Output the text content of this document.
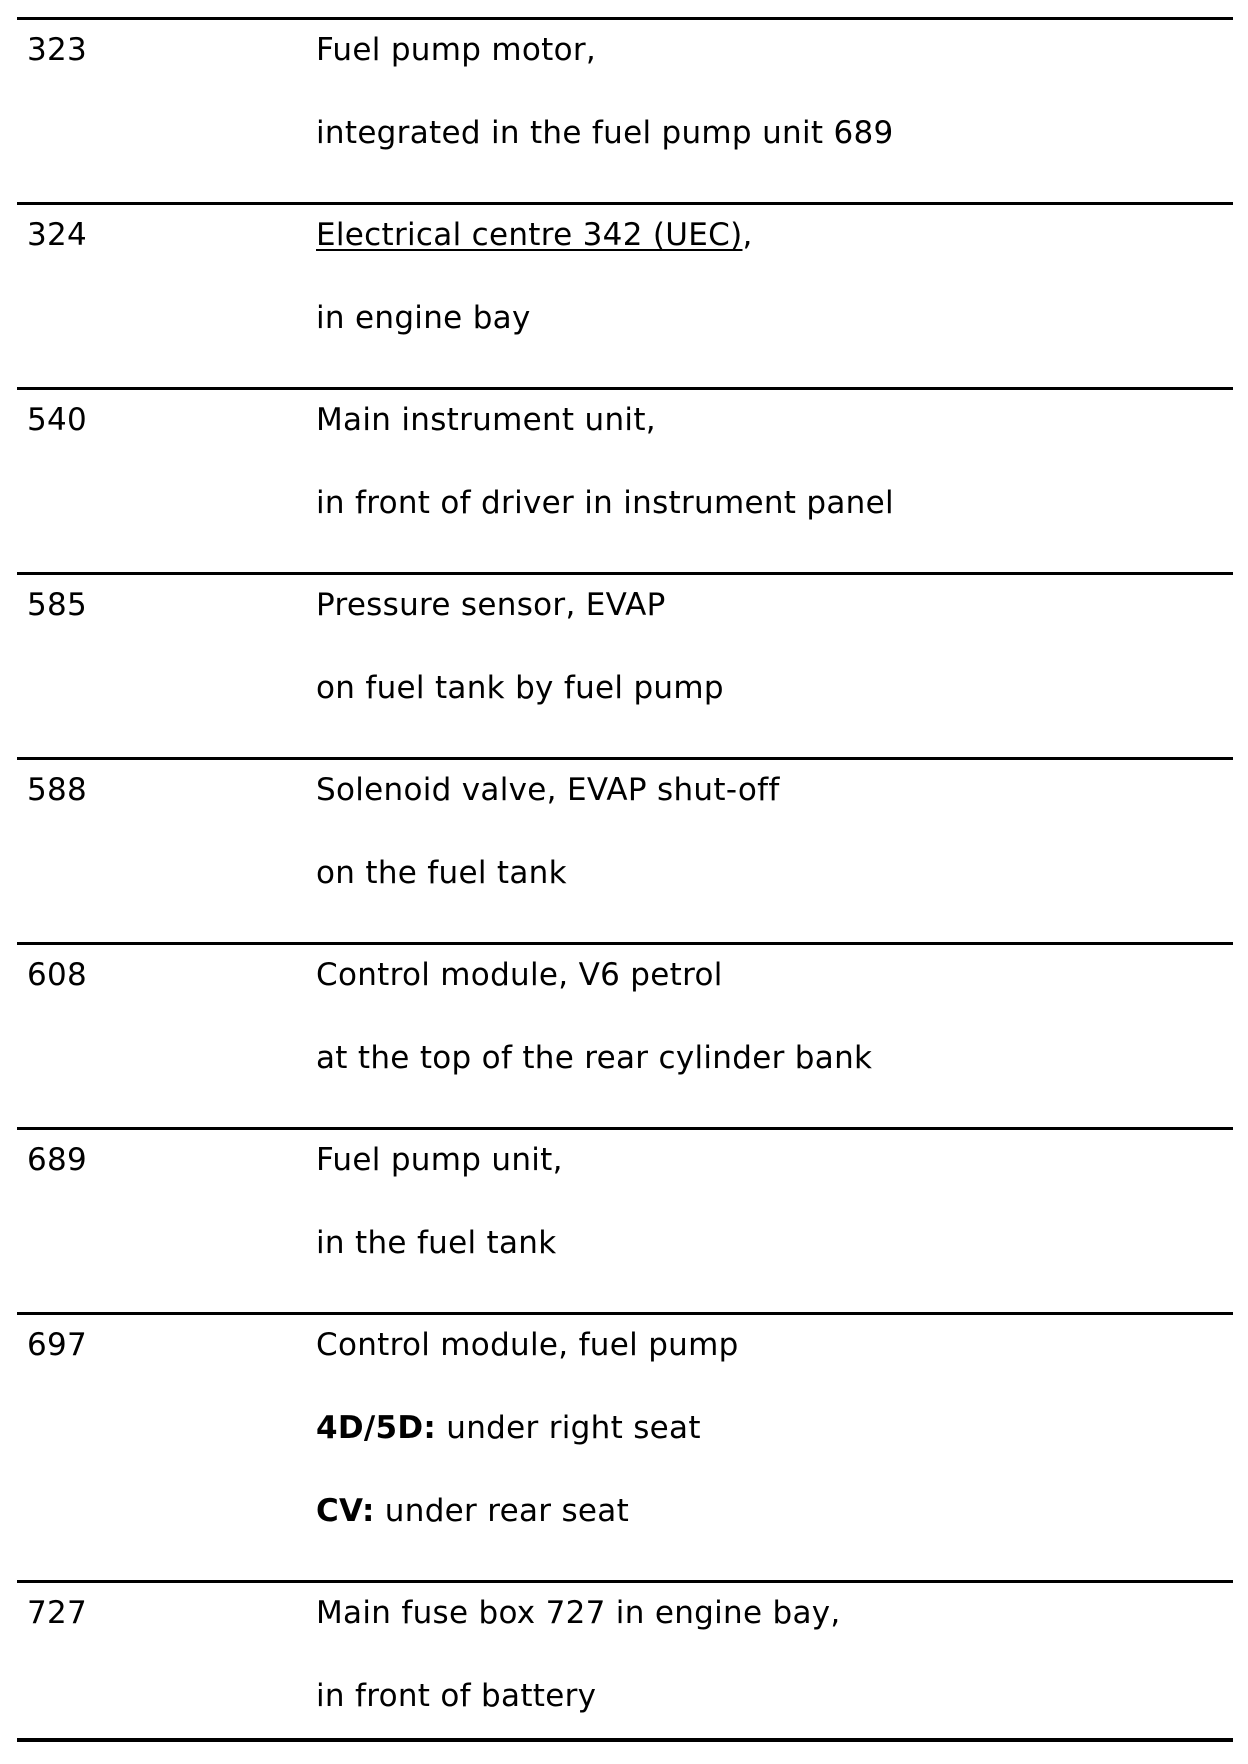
323	Fuel pump motor,
integrated in the fuel pump unit 689
324	Electrical centre 342 (UEC),
in engine bay
540	Main instrument unit,
in front of driver in instrument panel
585	Pressure sensor, EVAP
on fuel tank by fuel pump
588	Solenoid valve, EVAP shut-off
on the fuel tank
608	Control module, V6 petrol
at the top of the rear cylinder bank
689	Fuel pump unit,
in the fuel tank
697	Control module, fuel pump
4D/5D: under right seat
CV: under rear seat
727	Main fuse box 727 in engine bay,
in front of battery
